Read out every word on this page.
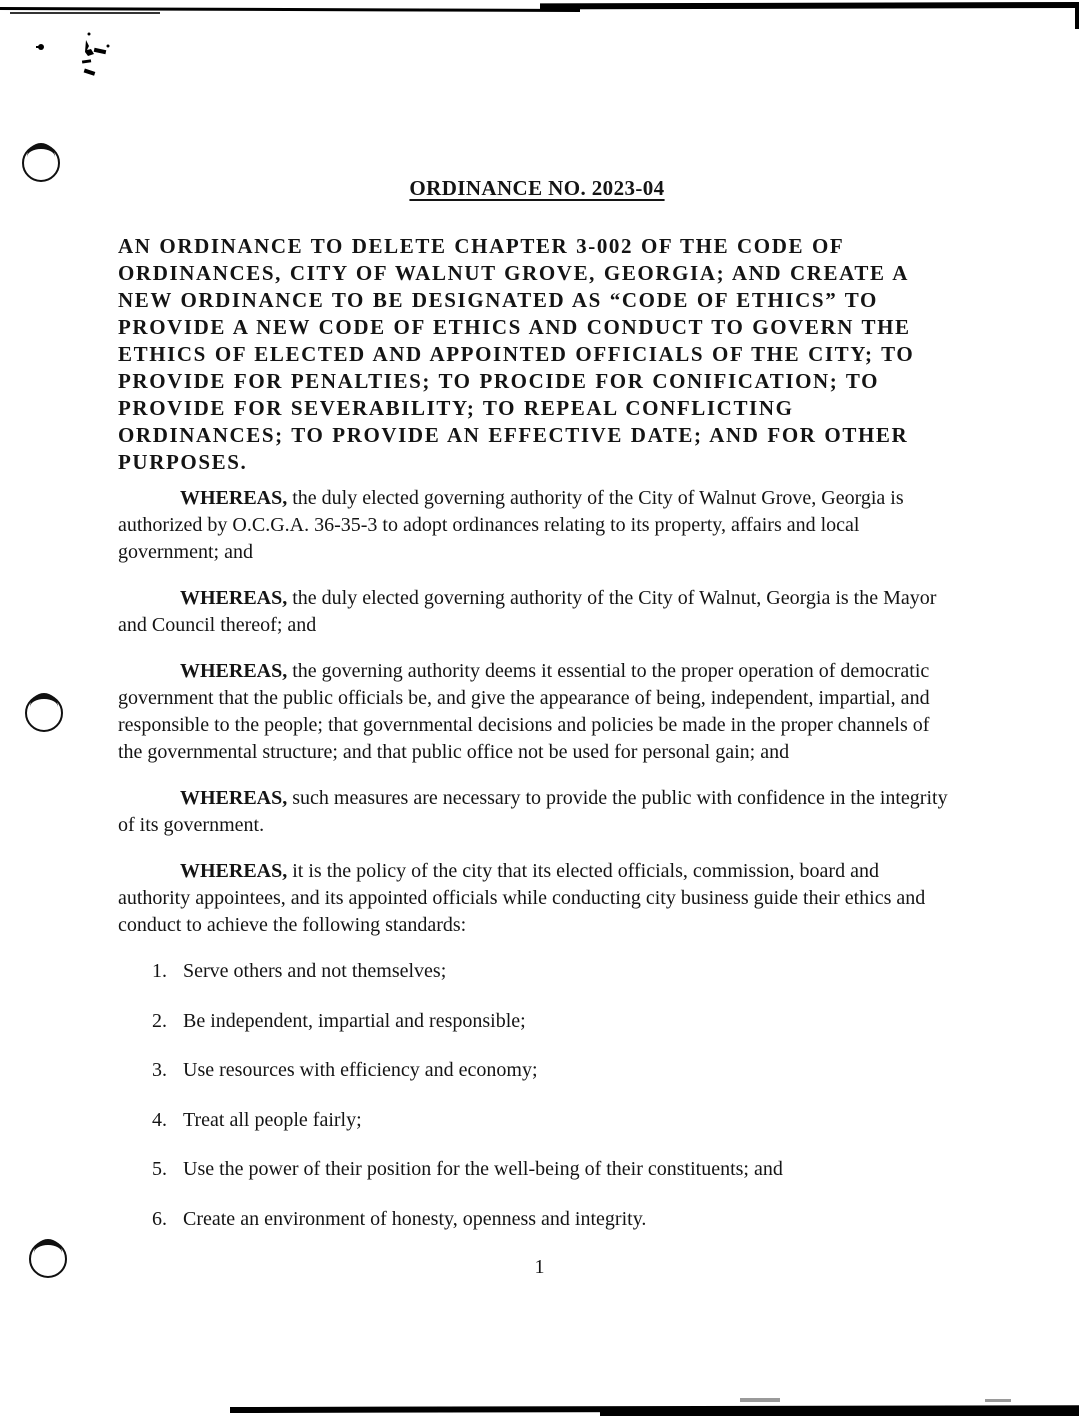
ORDINANCE NO. 2023-04
AN ORDINANCE TO DELETE CHAPTER 3-002 OF THE CODE OF ORDINANCES, CITY OF WALNUT GROVE, GEORGIA; AND CREATE A NEW ORDINANCE TO BE DESIGNATED AS “CODE OF ETHICS” TO PROVIDE A NEW CODE OF ETHICS AND CONDUCT TO GOVERN THE ETHICS OF ELECTED AND APPOINTED OFFICIALS OF THE CITY; TO PROVIDE FOR PENALTIES; TO PROCIDE FOR CONIFICATION; TO PROVIDE FOR SEVERABILITY; TO REPEAL CONFLICTING ORDINANCES; TO PROVIDE AN EFFECTIVE DATE; AND FOR OTHER PURPOSES.
WHEREAS, the duly elected governing authority of the City of Walnut Grove, Georgia is authorized by O.C.G.A. 36-35-3 to adopt ordinances relating to its property, affairs and local government; and
WHEREAS, the duly elected governing authority of the City of Walnut, Georgia is the Mayor and Council thereof; and
WHEREAS, the governing authority deems it essential to the proper operation of democratic government that the public officials be, and give the appearance of being, independent, impartial, and responsible to the people; that governmental decisions and policies be made in the proper channels of the governmental structure; and that public office not be used for personal gain; and
WHEREAS, such measures are necessary to provide the public with confidence in the integrity of its government.
WHEREAS, it is the policy of the city that its elected officials, commission, board and authority appointees, and its appointed officials while conducting city business guide their ethics and conduct to achieve the following standards:
1. Serve others and not themselves;
2. Be independent, impartial and responsible;
3. Use resources with efficiency and economy;
4. Treat all people fairly;
5. Use the power of their position for the well-being of their constituents; and
6. Create an environment of honesty, openness and integrity.
1
